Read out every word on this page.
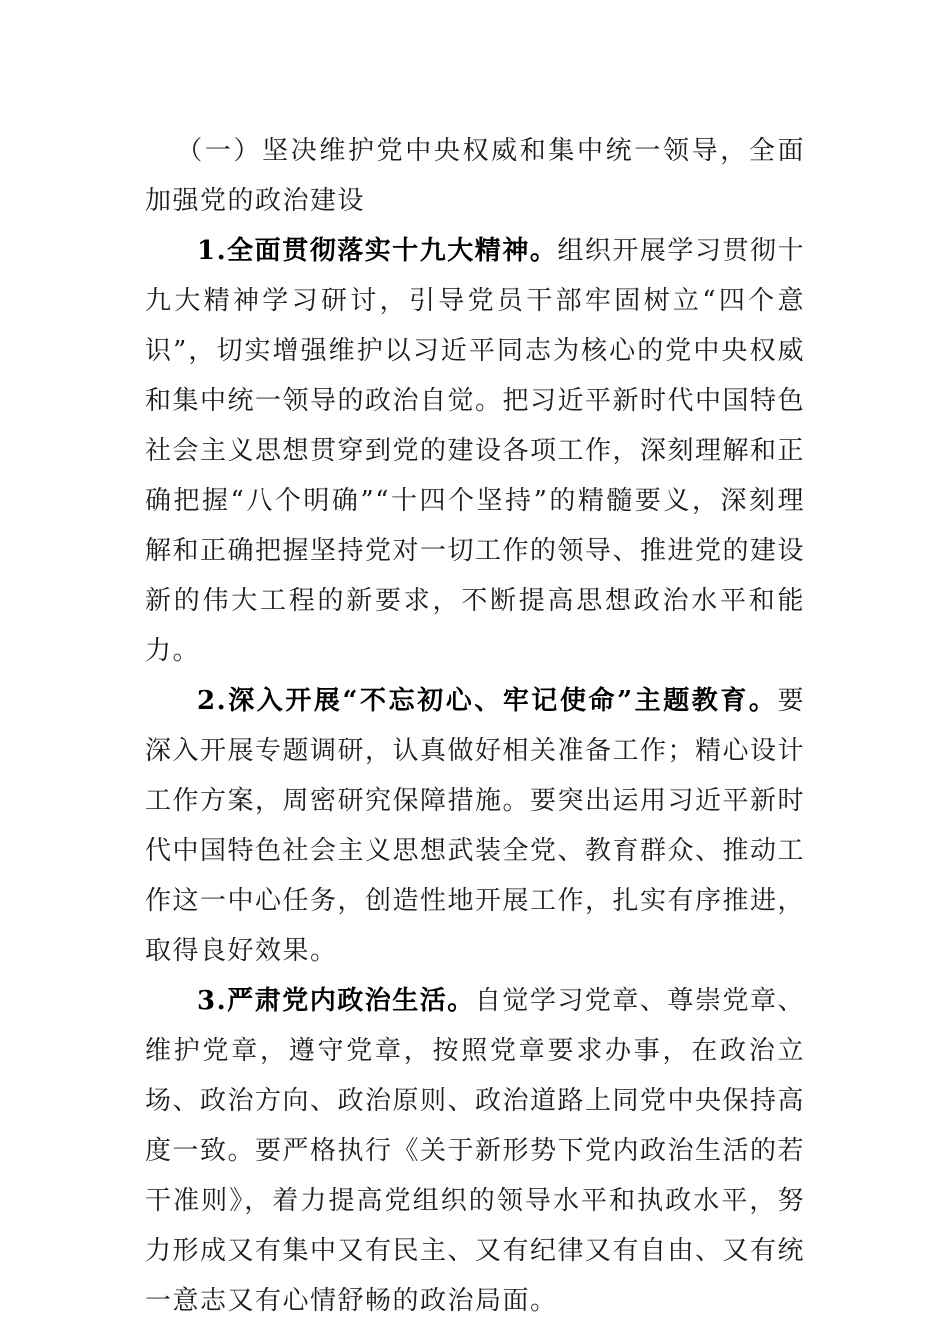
（一）坚决维护党中央权威和集中统一领导，全面加强党的政治建设

1.全面贯彻落实十九大精神。组织开展学习贯彻十九大精神学习研讨，引导党员干部牢固树立“四个意识”，切实增强维护以习近平同志为核心的党中央权威和集中统一领导的政治自觉。把习近平新时代中国特色社会主义思想贯穿到党的建设各项工作，深刻理解和正确把握“八个明确”“十四个坚持”的精髓要义，深刻理解和正确把握坚持党对一切工作的领导、推进党的建设新的伟大工程的新要求，不断提高思想政治水平和能力。

2.深入开展“不忘初心、牢记使命”主题教育。要深入开展专题调研，认真做好相关准备工作；精心设计工作方案，周密研究保障措施。要突出运用习近平新时代中国特色社会主义思想武装全党、教育群众、推动工作这一中心任务，创造性地开展工作，扎实有序推进，取得良好效果。

3.严肃党内政治生活。自觉学习党章、尊崇党章、维护党章，遵守党章，按照党章要求办事，在政治立场、政治方向、政治原则、政治道路上同党中央保持高度一致。要严格执行《关于新形势下党内政治生活的若干准则》，着力提高党组织的领导水平和执政水平，努力形成又有集中又有民主、又有纪律又有自由、又有统一意志又有心情舒畅的政治局面。
